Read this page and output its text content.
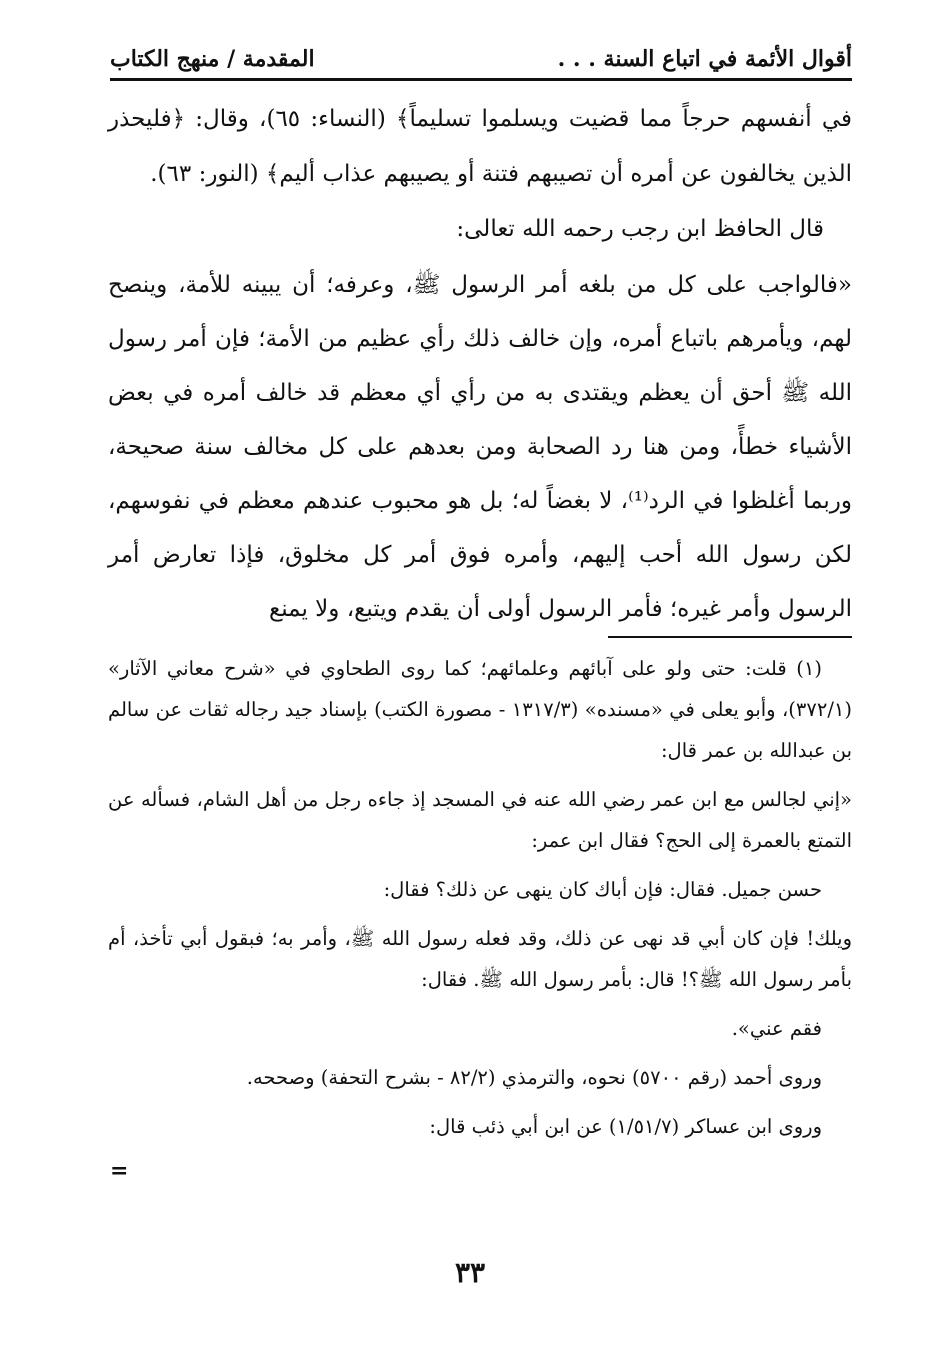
المقدمة / منهج الكتاب	أقوال الأئمة في اتباع السنة . . .

في أنفسهم حرجاً مما قضيت ويسلموا تسليماً﴾ (النساء: ٦٥)، وقال: ﴿فليحذر الذين يخالفون عن أمره أن تصيبهم فتنة أو يصيبهم عذاب أليم﴾ (النور: ٦٣).

قال الحافظ ابن رجب رحمه الله تعالى:

«فالواجب على كل من بلغه أمر الرسول ﷺ، وعرفه؛ أن يبينه للأمة، وينصح لهم، ويأمرهم باتباع أمره، وإن خالف ذلك رأي عظيم من الأمة؛ فإن أمر رسول الله ﷺ أحق أن يعظم ويقتدى به من رأي أي معظم قد خالف أمره في بعض الأشياء خطأً، ومن هنا رد الصحابة ومن بعدهم على كل مخالف سنة صحيحة، وربما أغلظوا في الرد⁽¹⁾، لا بغضاً له؛ بل هو محبوب عندهم معظم في نفوسهم، لكن رسول الله أحب إليهم، وأمره فوق أمر كل مخلوق، فإذا تعارض أمر الرسول وأمر غيره؛ فأمر الرسول أولى أن يقدم ويتبع، ولا يمنع

(١) قلت: حتى ولو على آبائهم وعلمائهم؛ كما روى الطحاوي في «شرح معاني الآثار» (٣٧٢/١)، وأبو يعلى في «مسنده» (١٣١٧/٣ - مصورة الكتب) بإسناد جيد رجاله ثقات عن سالم بن عبدالله بن عمر قال:

«إني لجالس مع ابن عمر رضي الله عنه في المسجد إذ جاءه رجل من أهل الشام، فسأله عن التمتع بالعمرة إلى الحج؟ فقال ابن عمر:

حسن جميل. فقال: فإن أباك كان ينهى عن ذلك؟ فقال:

ويلك! فإن كان أبي قد نهى عن ذلك، وقد فعله رسول الله ﷺ، وأمر به؛ فبقول أبي تأخذ، أم بأمر رسول الله ﷺ؟! قال: بأمر رسول الله ﷺ. فقال:

فقم عني».

وروى أحمد (رقم ٥٧٠٠) نحوه، والترمذي (٨٢/٢ - بشرح التحفة) وصححه.

وروى ابن عساكر (١/٥١/٧) عن ابن أبي ذئب قال:

=
٣٣
